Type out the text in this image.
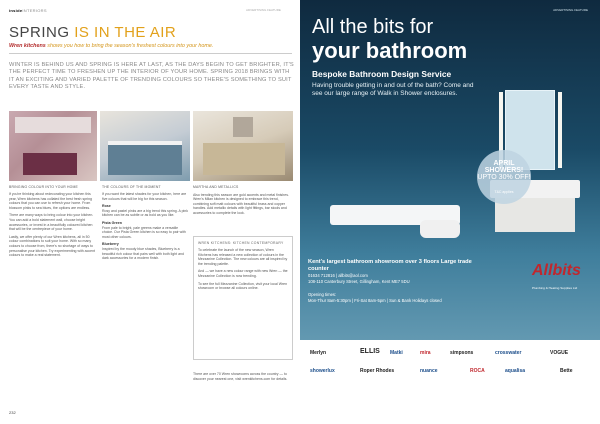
insideINTERIORS	ADVERTISING FEATURE
SPRING IS IN THE AIR
Wren kitchens shows you how to bring the season's freshest colours into your home.
WINTER IS BEHIND US AND SPRING IS HERE AT LAST, AS THE DAYS BEGIN TO GET BRIGHTER, IT'S THE PERFECT TIME TO FRESHEN UP THE INTERIOR OF YOUR HOME. SPRING 2018 BRINGS WITH IT AN EXCITING AND VARIED PALETTE OF TRENDING COLOURS SO THERE'S SOMETHING TO SUIT EVERY TASTE AND STYLE.
BRINGING COLOUR INTO YOUR HOME	THE COLOURS OF THE MOMENT

If you're thinking about redecorating your kitchen this year, Wren kitchens has collated the best fresh spring colours that you can use to refresh your home. From blossom pinks to sea blues, the options are endless.

There are many ways to bring colour into your kitchen. You can add a bold statement wall, choose bright accessories, or invest in a beautifully coloured kitchen that will be the centrepiece of your home.

Lastly, we offer plenty of our Wren kitchens, all in 50 colour combinations to suit your home. With so many colours to choose from, there's no shortage of ways to personalise your kitchen. Try experimenting with accent colours to make a real statement.

If you want the latest shades for your kitchen, here are five colours that will be big for this season.

Rose

Rosy and pastel pinks are a big trend this spring. A pink kitchen can be as subtle or as bold as you like.

Pista Green

From pale to bright, pale greens make a versatile choice. Our Pista Green kitchen is so easy to pair with most other colours.

Blueberry

Inspired by the moody blue shades, Blueberry is a beautiful rich colour that pairs well with both light and dark accessories for a modern finish.

MARTHA AND METALLICS

Also trending this season are gold accents and metal finishes. Wren's Milan kitchen is designed to embrace this trend, combining soft matt colours with beautiful brass and copper handles. Add metallic details with light fittings, bar stools and accessories to complete the look.

WREN KITCHENS: KITCHEN CONTEMPORARY

To celebrate the launch of the new season, Wren Kitchens has released a new collection of colours in the Mezzanine Collection. The new colours are all inspired by the trending palette.

And — we have a new colour range with new Wren — the Mezzanine Collection is now trending.

To see the full Mezzanine Collection, visit your local Wren showroom or browse all colours online.

There are over 70 Wren showrooms across the country — to discover your nearest one, visit wrenkitchens.com for details.
232
ADVERTISING FEATURE
All the bits for
your bathroom
Bespoke Bathroom Design Service
Having trouble getting in and out of the bath? Come and see our large range of Walk in Shower enclosures.
APRIL SHOWERS!
UPTO 30% OFF!
T&C applies
Kent's largest bathroom showroom over 3 floors Large trade counter
01634 712816 | allbits@aol.com
108-110 Canterbury Street, Gillingham, Kent ME7 5DU
Opening times:
Mon-Thur 8am-5:30pm | Fri-Sat 8am-5pm | Sun & Bank Holidays closed
Allbits
Plumbing & Heating Supplies Ltd
Merlyn	ELLIS Matki	mira	simpsons	crosswater	VOGUE
showerlux	Roper Rhodes	nuance	ROCA	aqualisa	Bette
